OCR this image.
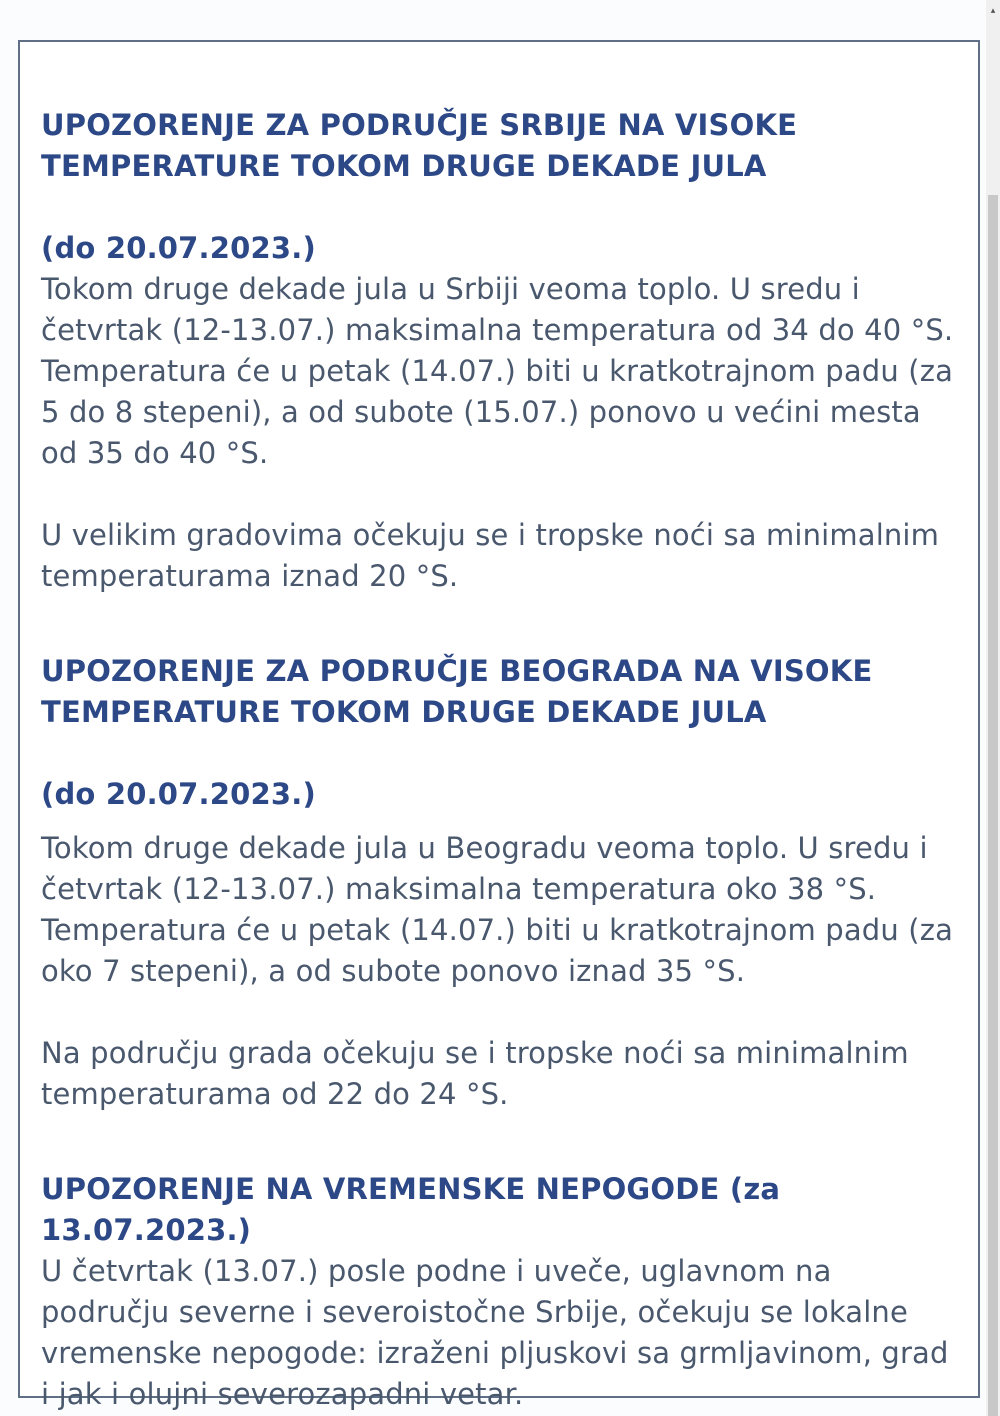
UPOZORENJE ZA PODRUČJE SRBIJE NA VISOKE TEMPERATURE TOKOM DRUGE DEKADE JULA

(do 20.07.2023.)

Tokom druge dekade jula u Srbiji veoma toplo. U sredu i četvrtak (12-13.07.) maksimalna temperatura od 34 do 40 °S. Temperatura će u petak (14.07.) biti u kratkotrajnom padu (za 5 do 8 stepeni), a od subote (15.07.) ponovo u većini mesta od 35 do 40 °S.

U velikim gradovima očekuju se i tropske noći sa minimalnim temperaturama iznad 20 °S.

UPOZORENJE ZA PODRUČJE BEOGRADA NA VISOKE TEMPERATURE TOKOM DRUGE DEKADE JULA

(do 20.07.2023.)

Tokom druge dekade jula u Beogradu veoma toplo. U sredu i četvrtak (12-13.07.) maksimalna temperatura oko 38 °S. Temperatura će u petak (14.07.) biti u kratkotrajnom padu (za oko 7 stepeni), a od subote ponovo iznad 35 °S.

Na području grada očekuju se i tropske noći sa minimalnim temperaturama od 22 do 24 °S.

UPOZORENJE NA VREMENSKE NEPOGODE (za 13.07.2023.)

U četvrtak (13.07.) posle podne i uveče, uglavnom na području severne i severoistočne Srbije, očekuju se lokalne vremenske nepogode: izraženi pljuskovi sa grmljavinom, grad i jak i olujni severozapadni vetar.

▴
